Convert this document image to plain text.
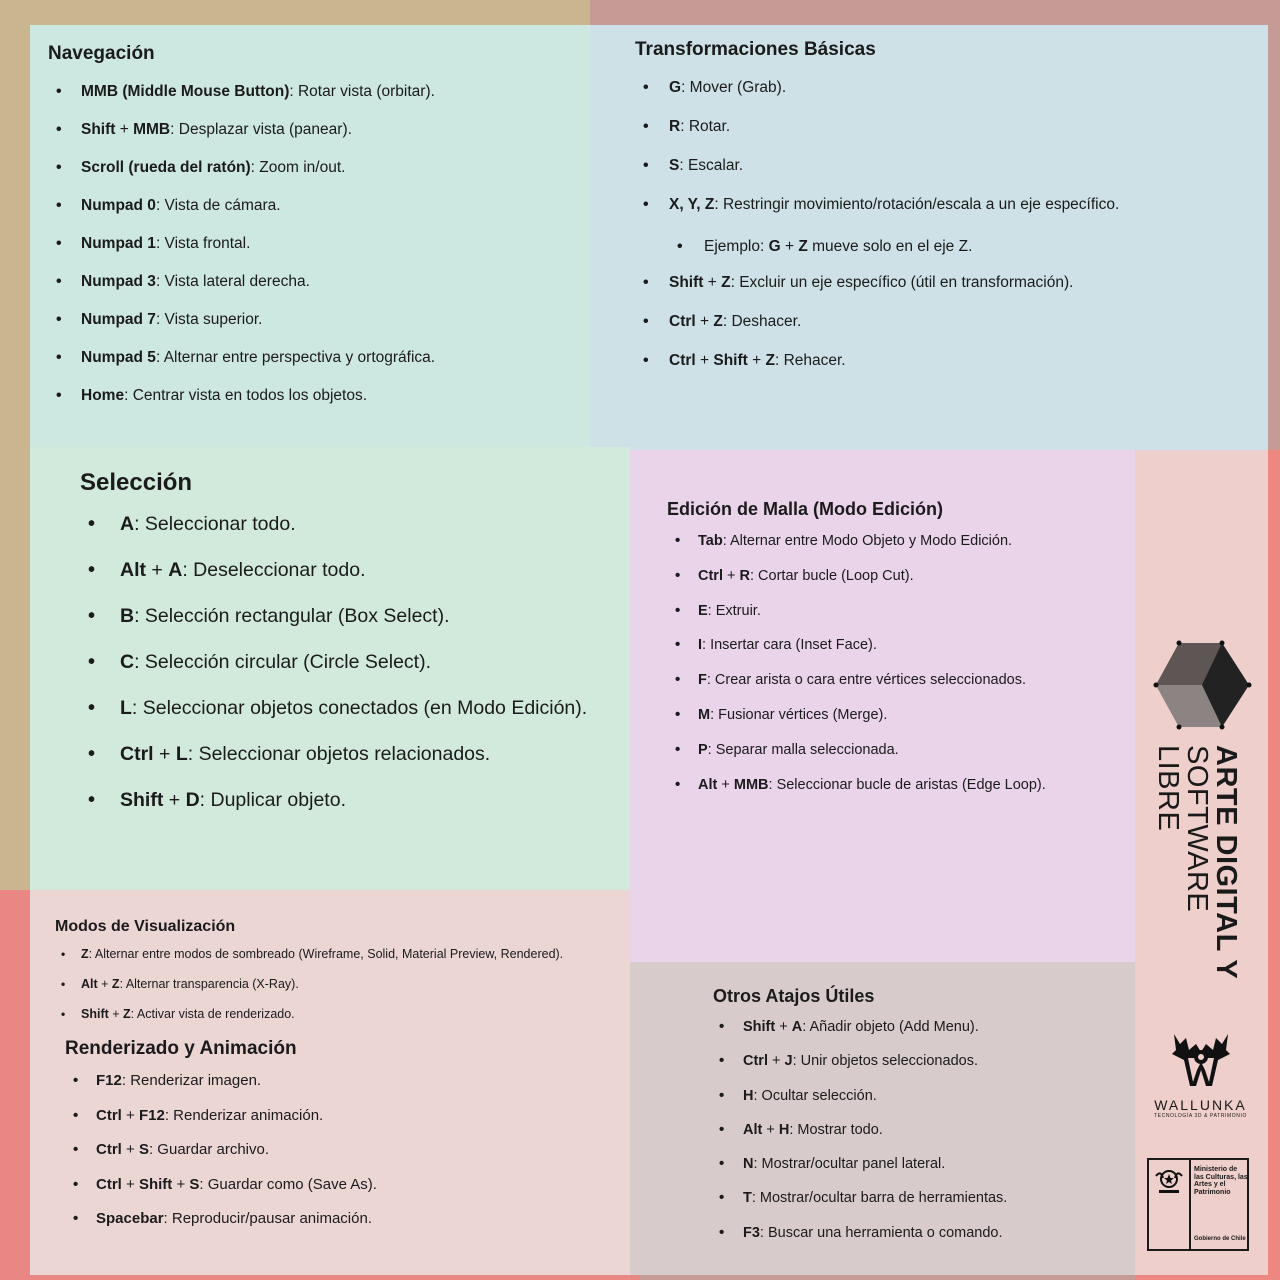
Navegación
• MMB (Middle Mouse Button): Rotar vista (orbitar).
• Shift + MMB: Desplazar vista (panear).
• Scroll (rueda del ratón): Zoom in/out.
• Numpad 0: Vista de cámara.
• Numpad 1: Vista frontal.
• Numpad 3: Vista lateral derecha.
• Numpad 7: Vista superior.
• Numpad 5: Alternar entre perspectiva y ortográfica.
• Home: Centrar vista en todos los objetos.
Transformaciones Básicas
• G: Mover (Grab).
• R: Rotar.
• S: Escalar.
• X, Y, Z: Restringir movimiento/rotación/escala a un eje específico.
• Ejemplo: G + Z mueve solo en el eje Z.
• Shift + Z: Excluir un eje específico (útil en transformación).
• Ctrl + Z: Deshacer.
• Ctrl + Shift + Z: Rehacer.
Selección
• A: Seleccionar todo.
• Alt + A: Deseleccionar todo.
• B: Selección rectangular (Box Select).
• C: Selección circular (Circle Select).
• L: Seleccionar objetos conectados (en Modo Edición).
• Ctrl + L: Seleccionar objetos relacionados.
• Shift + D: Duplicar objeto.
Edición de Malla (Modo Edición)
• Tab: Alternar entre Modo Objeto y Modo Edición.
• Ctrl + R: Cortar bucle (Loop Cut).
• E: Extruir.
• I: Insertar cara (Inset Face).
• F: Crear arista o cara entre vértices seleccionados.
• M: Fusionar vértices (Merge).
• P: Separar malla seleccionada.
• Alt + MMB: Seleccionar bucle de aristas (Edge Loop).
Modos de Visualización
• Z: Alternar entre modos de sombreado (Wireframe, Solid, Material Preview, Rendered).
• Alt + Z: Alternar transparencia (X-Ray).
• Shift + Z: Activar vista de renderizado.
Renderizado y Animación
• F12: Renderizar imagen.
• Ctrl + F12: Renderizar animación.
• Ctrl + S: Guardar archivo.
• Ctrl + Shift + S: Guardar como (Save As).
• Spacebar: Reproducir/pausar animación.
Otros Atajos Útiles
• Shift + A: Añadir objeto (Add Menu).
• Ctrl + J: Unir objetos seleccionados.
• H: Ocultar selección.
• Alt + H: Mostrar todo.
• N: Mostrar/ocultar panel lateral.
• T: Mostrar/ocultar barra de herramientas.
• F3: Buscar una herramienta o comando.
ARTE DIGITAL Y SOFTWARE LIBRE
WALLUNKA
TECNOLOGÍA 3D & PATRIMONIO
Ministerio de las Culturas, las Artes y el Patrimonio
Gobierno de Chile
